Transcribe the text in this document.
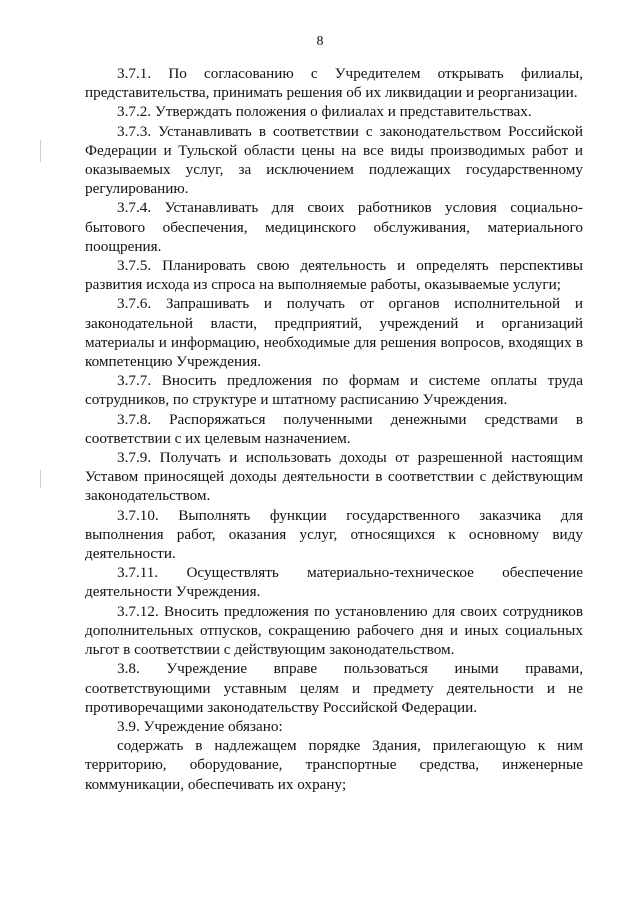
8

3.7.1. По согласованию с Учредителем открывать филиалы, представительства, принимать решения об их ликвидации и реорганизации.

3.7.2. Утверждать положения о филиалах и представительствах.

3.7.3. Устанавливать в соответствии с законодательством Российской Федерации и Тульской области цены на все виды производимых работ и оказываемых услуг, за исключением подлежащих государственному регулированию.

3.7.4. Устанавливать для своих работников условия социально-бытового обеспечения, медицинского обслуживания, материального поощрения.

3.7.5. Планировать свою деятельность и определять перспективы развития исхода из спроса на выполняемые работы, оказываемые услуги;

3.7.6. Запрашивать и получать от органов исполнительной и законодательной власти, предприятий, учреждений и организаций материалы и информацию, необходимые для решения вопросов, входящих в компетенцию Учреждения.

3.7.7. Вносить предложения по формам и системе оплаты труда сотрудников, по структуре и штатному расписанию Учреждения.

3.7.8. Распоряжаться полученными денежными средствами в соответствии с их целевым назначением.

3.7.9. Получать и использовать доходы от разрешенной настоящим Уставом приносящей доходы деятельности в соответствии с действующим законодательством.

3.7.10. Выполнять функции государственного заказчика для выполнения работ, оказания услуг, относящихся к основному виду деятельности.

3.7.11. Осуществлять материально-техническое обеспечение деятельности Учреждения.

3.7.12. Вносить предложения по установлению для своих сотрудников дополнительных отпусков, сокращению рабочего дня и иных социальных льгот в соответствии с действующим законодательством.

3.8. Учреждение вправе пользоваться иными правами, соответствующими уставным целям и предмету деятельности и не противоречащими законодательству Российской Федерации.

3.9. Учреждение обязано:

содержать в надлежащем порядке Здания, прилегающую к ним территорию, оборудование, транспортные средства, инженерные коммуникации, обеспечивать их охрану;
